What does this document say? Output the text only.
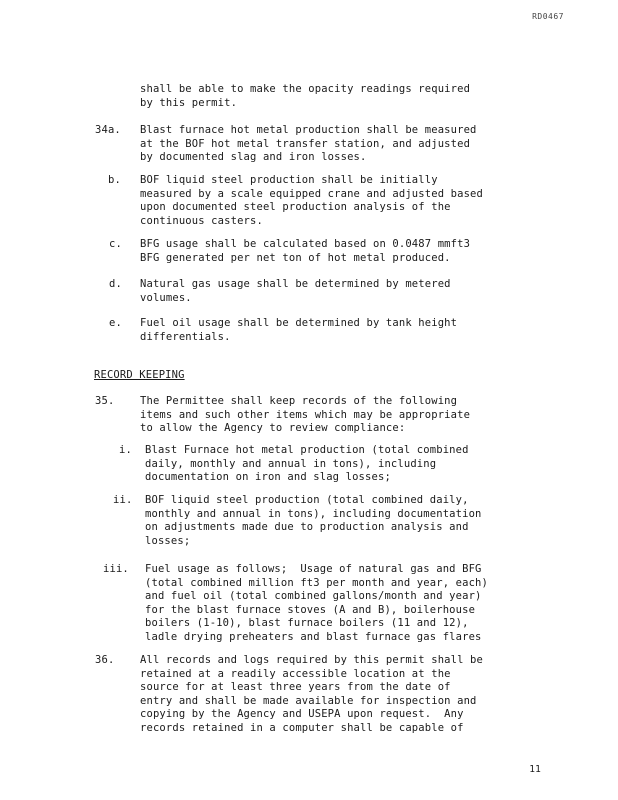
RD0467

shall be able to make the opacity readings required
by this permit.

34a. Blast furnace hot metal production shall be measured
at the BOF hot metal transfer station, and adjusted
by documented slag and iron losses.

b. BOF liquid steel production shall be initially
measured by a scale equipped crane and adjusted based
upon documented steel production analysis of the
continuous casters.

c. BFG usage shall be calculated based on 0.0487 mmft3
BFG generated per net ton of hot metal produced.

d. Natural gas usage shall be determined by metered
volumes.

e. Fuel oil usage shall be determined by tank height
differentials.

RECORD KEEPING
35. The Permittee shall keep records of the following
items and such other items which may be appropriate
to allow the Agency to review compliance:

i. Blast Furnace hot metal production (total combined
daily, monthly and annual in tons), including
documentation on iron and slag losses;

ii. BOF liquid steel production (total combined daily,
monthly and annual in tons), including documentation
on adjustments made due to production analysis and
losses;

iii. Fuel usage as follows;  Usage of natural gas and BFG
(total combined million ft3 per month and year, each)
and fuel oil (total combined gallons/month and year)
for the blast furnace stoves (A and B), boilerhouse
boilers (1-10), blast furnace boilers (11 and 12),
ladle drying preheaters and blast furnace gas flares

36. All records and logs required by this permit shall be
retained at a readily accessible location at the
source for at least three years from the date of
entry and shall be made available for inspection and
copying by the Agency and USEPA upon request.  Any
records retained in a computer shall be capable of

11
